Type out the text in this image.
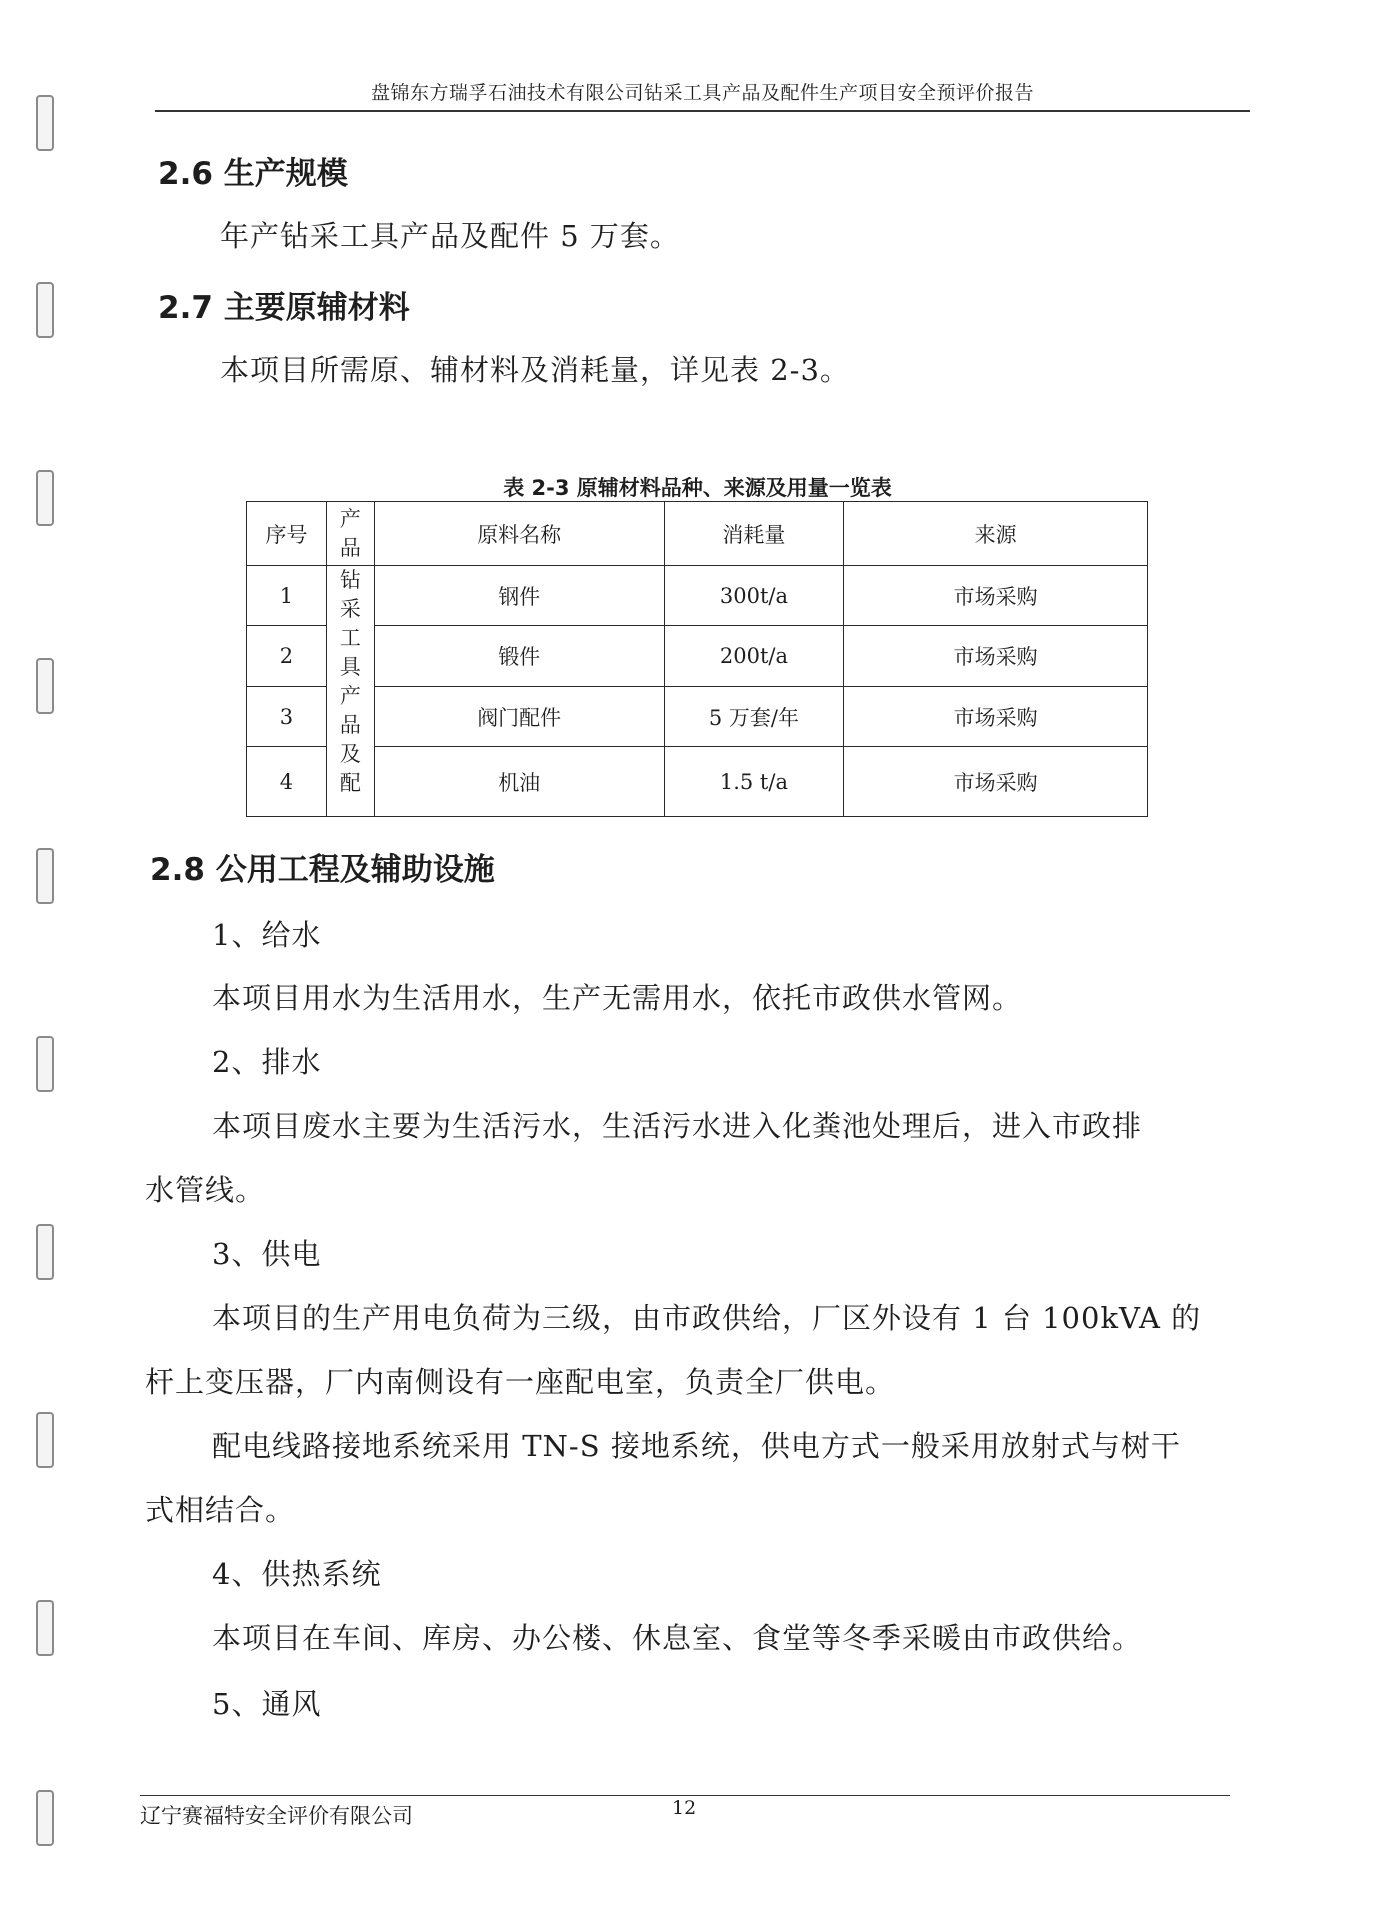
盘锦东方瑞孚石油技术有限公司钻采工具产品及配件生产项目安全预评价报告
2.6 生产规模
年产钻采工具产品及配件 5 万套。
2.7 主要原辅材料
本项目所需原、辅材料及消耗量，详见表 2-3。
表 2-3 原辅材料品种、来源及用量一览表
序号	产品	原料名称	消耗量	来源
1	钻采工具产品及配	钢件	300t/a	市场采购
2		锻件	200t/a	市场采购
3		阀门配件	5 万套/年	市场采购
4		机油	1.5 t/a	市场采购
2.8 公用工程及辅助设施
1、给水
本项目用水为生活用水，生产无需用水，依托市政供水管网。
2、排水
本项目废水主要为生活污水，生活污水进入化粪池处理后，进入市政排
水管线。
3、供电
本项目的生产用电负荷为三级，由市政供给，厂区外设有 1 台 100kVA 的
杆上变压器，厂内南侧设有一座配电室，负责全厂供电。
配电线路接地系统采用 TN-S 接地系统，供电方式一般采用放射式与树干
式相结合。
4、供热系统
本项目在车间、库房、办公楼、休息室、食堂等冬季采暖由市政供给。
5、通风
辽宁赛福特安全评价有限公司	12
